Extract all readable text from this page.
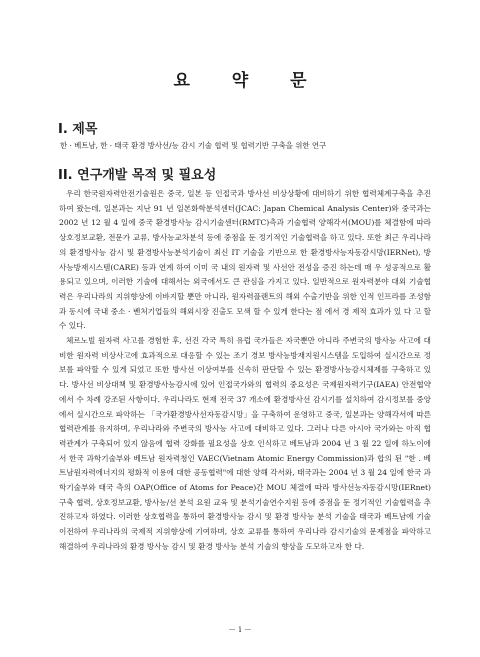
요 약 문
I. 제목
한 · 베트남, 한 · 태국 환경 방사선/능 감시 기술 협력 및 협력기반 구축을 위한 연구
II. 연구개발 목적 및 필요성

우리 한국원자력안전기술원은 중국, 일본 등 인접국과 방사선 비상상황에 대비하기 위한 협력체계구축을 추진하여 왔는데, 일본과는 지난 91 년 일본화학분석센터(JCAC: Japan Chemical Analysis Center)와 중국과는 2002 년 12 월 4 일에 중국 환경방사능 감시기술센터(RMTC)측과 기술협력 양해각서(MOU)를 체결함에 따라 상호정보교환, 전문가 교류, 방사능교차분석 등에 중점을 둔 정기적인 기술협력을 하고 있다. 또한 최근 우리나라의 환경방사능 감시 및 환경방사능분석기술이 최신 IT 기술을 기반으로 한 환경방사능자동감시망(IERNet), 방사능방재시스템(CARE) 등과 연계 하여 이미 국 내의 원자력 및 사선안 전성을 증진 하는데 매 우 성공적으로 활용되고 있으며, 이러한 기술에 대해서는 외국에서도 큰 관심을 가지고 있다. 일반적으로 원자력분야 대외 기술협력은 우리나라의 지위향상에 이바지할 뿐만 아니라, 원자력플랜트의 해외 수출기반을 위한 인적 인프라를 조성함과 동시에 국내 중소 · 벤처기업들의 해외시장 진출도 모색 할 수 있게 한다는 점 에서 경 제적 효과가 있 다 고 할 수 있다.

체르노빌 원자력 사고를 경험한 후, 선진 각국 특히 유럽 국가들은 자국뿐만 아니라 주변국의 방사능 사고에 대비한 원자력 비상사고에 효과적으로 대응할 수 있는 조기 경보 방사능방재지원시스템을 도입하여 실시간으로 정보를 파악할 수 있게 되었고 또한 방사선 이상여부를 신속히 판단할 수 있는 환경방사능감시체제를 구축하고 있다. 방사선 비상대책 및 환경방사능감시에 있어 인접국가와의 협력의 중요성은 국제원자력기구(IAEA) 안전협약에서 수 차례 강조된 사항이다. 우리나라도 현재 전국 37 개소에 환경방사선 감시기를 설치하여 감시정보를 중앙에서 실시간으로 파악하는 「국가환경방사선자동감시망」을 구축하여 운영하고 중국, 일본과는 양해각서에 따른 협력관계를 유지하며, 우리나라와 주변국의 방사능 사고에 대비하고 있다. 그러나 다른 아시아 국가와는 아직 협력관계가 구축되어 있지 않음에 협력 강화를 필요성을 상호 인식하고 베트남과 2004 년 3 월 22 일에 하노이에서 한국 과학기술부와 베트남 원자력청인 VAEC(Vietnam Atomic Energy Commission)과 합의 된 "한 . 베트남원자력에너지의 평화적 이용에 대한 공동협력"에 대한 양해 각서와, 태국과는 2004 년 3 월 24 일에 한국 과학기술부와 태국 측의 OAP(Office of Atoms for Peace)간 MOU 체결에 따라 방사선능자동감시망(IERnet) 구축 협력, 상호정보교환, 방사능/선 분석 요원 교육 및 분석기술연수지원 등에 중점을 둔 정기적인 기술협력을 추진하고자 하였다. 이러한 상호협력을 통하여 환경방사능 감시 및 환경 방사능 분석 기술을 태국과 베트남에 기술 이전하여 우리나라의 국제적 지위향상에 기여하며, 상호 교류를 통하여 우리나라 감시기술의 문제점을 파악하고 해결하여 우리나라의 환경 방사능 감시 및 환경 방사능 분석 기술의 향상을 도모하고자 한 다.

－ i －
